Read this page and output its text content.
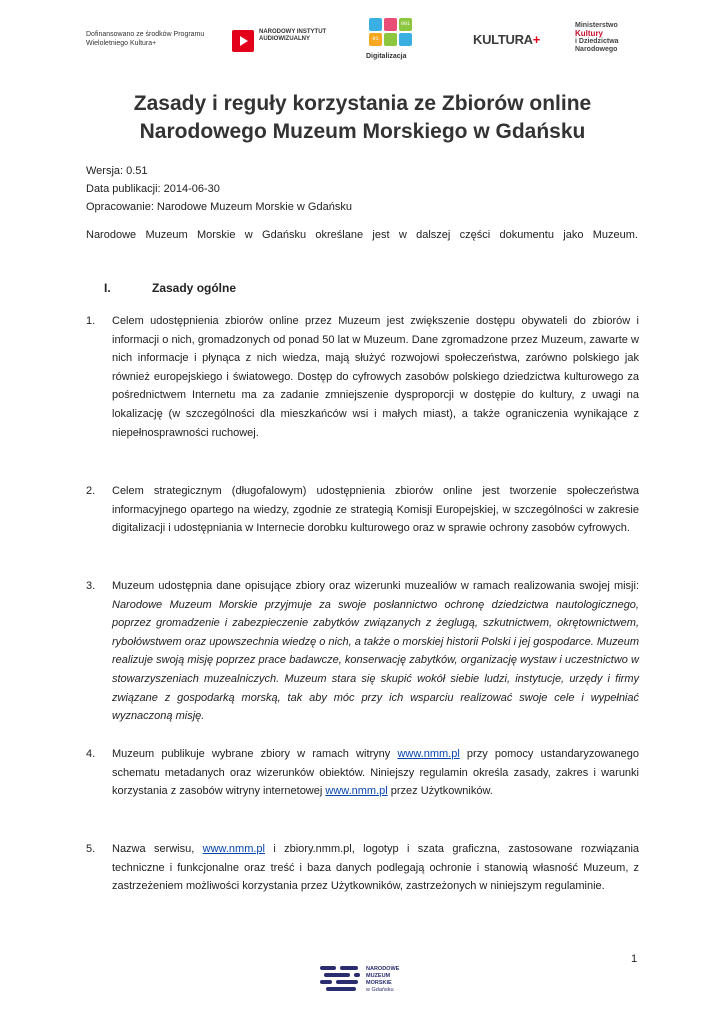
Dofinansowano ze środków Programu Wieloletniego Kultura+
NARODOWY INSTYTUT AUDIOWIZUALNY
001
01
Digitalizacja
KULTURA+
Ministerstwo
Kultury
i Dziedzictwa
Narodowego
Zasady i reguły korzystania ze Zbiorów online
Narodowego Muzeum Morskiego w Gdańsku
Wersja: 0.51
Data publikacji: 2014-06-30
Opracowanie: Narodowe Muzeum Morskie w Gdańsku
Narodowe Muzeum Morskie w Gdańsku określane jest w dalszej części dokumentu jako Muzeum.
I.	Zasady ogólne
1. Celem udostępnienia zbiorów online przez Muzeum jest zwiększenie dostępu obywateli do zbiorów i informacji o nich, gromadzonych od ponad 50 lat w Muzeum. Dane zgromadzone przez Muzeum, zawarte w nich informacje i płynąca z nich wiedza, mają służyć rozwojowi społeczeństwa, zarówno polskiego jak również europejskiego i światowego. Dostęp do cyfrowych zasobów polskiego dziedzictwa kulturowego za pośrednictwem Internetu ma za zadanie zmniejszenie dysproporcji w dostępie do kultury, z uwagi na lokalizację (w szczególności dla mieszkańców wsi i małych miast), a także ograniczenia wynikające z niepełnosprawności ruchowej.
2. Celem strategicznym (długofalowym) udostępnienia zbiorów online jest tworzenie społeczeństwa informacyjnego opartego na wiedzy, zgodnie ze strategią Komisji Europejskiej, w szczególności w zakresie digitalizacji i udostępniania w Internecie dorobku kulturowego oraz w sprawie ochrony zasobów cyfrowych.
3. Muzeum udostępnia dane opisujące zbiory oraz wizerunki muzealiów w ramach realizowania swojej misji: Narodowe Muzeum Morskie przyjmuje za swoje posłannictwo ochronę dziedzictwa nautologicznego, poprzez gromadzenie i zabezpieczenie zabytków związanych z żeglugą, szkutnictwem, okrętownictwem, rybołówstwem oraz upowszechnia wiedzę o nich, a także o morskiej historii Polski i jej gospodarce. Muzeum realizuje swoją misję poprzez prace badawcze, konserwację zabytków, organizację wystaw i uczestnictwo w stowarzyszeniach muzealniczych. Muzeum stara się skupić wokół siebie ludzi, instytucje, urzędy i firmy związane z gospodarką morską, tak aby móc przy ich wsparciu realizować swoje cele i wypełniać wyznaczoną misję.
4. Muzeum publikuje wybrane zbiory w ramach witryny www.nmm.pl przy pomocy ustandaryzowanego schematu metadanych oraz wizerunków obiektów. Niniejszy regulamin określa zasady, zakres i warunki korzystania z zasobów witryny internetowej www.nmm.pl przez Użytkowników.
5. Nazwa serwisu, www.nmm.pl i zbiory.nmm.pl, logotyp i szata graficzna, zastosowane rozwiązania techniczne i funkcjonalne oraz treść i baza danych podlegają ochronie i stanowią własność Muzeum, z zastrzeżeniem możliwości korzystania przez Użytkowników, zastrzeżonych w niniejszym regulaminie.
1
NARODOWE
MUZEUM
MORSKIE
w Gdańsku
